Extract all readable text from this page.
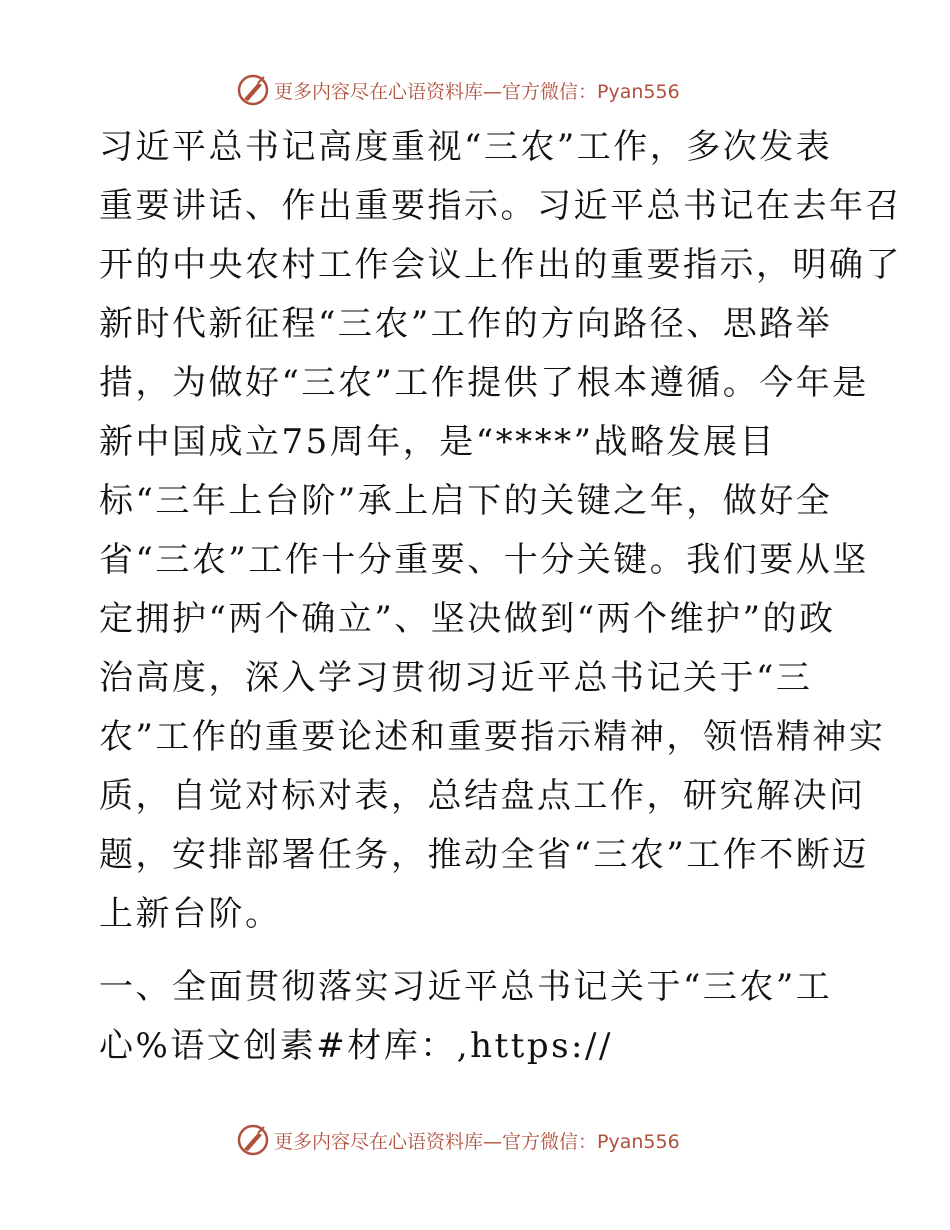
更多内容尽在心语资料库—官方微信：Pyan556
习近平总书记高度重视“三农”工作，多次发表
重要讲话、作出重要指示。习近平总书记在去年召
开的中央农村工作会议上作出的重要指示，明确了
新时代新征程“三农”工作的方向路径、思路举
措，为做好“三农”工作提供了根本遵循。今年是
新中国成立75周年，是“****”战略发展目
标“三年上台阶”承上启下的关键之年，做好全
省“三农”工作十分重要、十分关键。我们要从坚
定拥护“两个确立”、坚决做到“两个维护”的政
治高度，深入学习贯彻习近平总书记关于“三
农”工作的重要论述和重要指示精神，领悟精神实
质，自觉对标对表，总结盘点工作，研究解决问
题，安排部署任务，推动全省“三农”工作不断迈
上新台阶。
一、全面贯彻落实习近平总书记关于“三农”工
心%语文创素#材库：,https://
更多内容尽在心语资料库—官方微信：Pyan556
